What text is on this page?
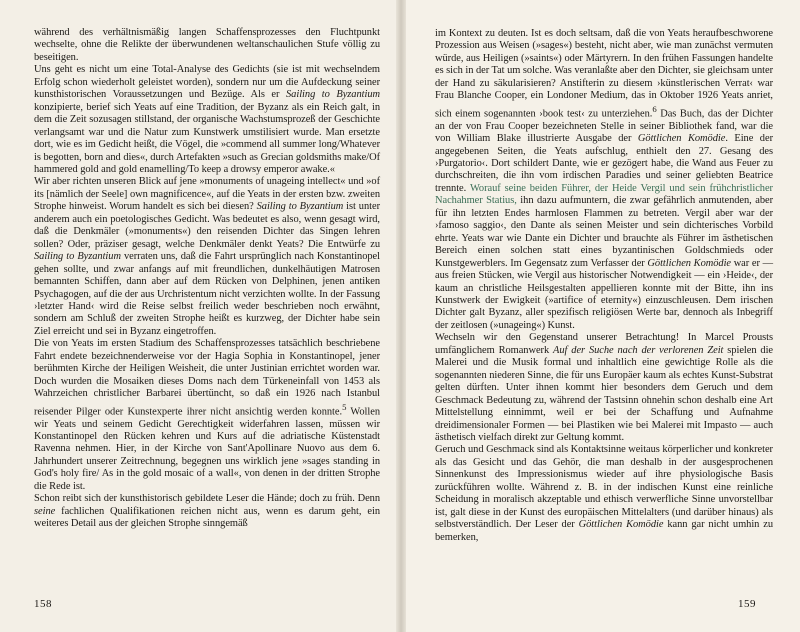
während des verhältnismäßig langen Schaffensprozesses den Fluchtpunkt wechselte, ohne die Relikte der überwundenen weltanschaulichen Stufe völlig zu beseitigen.

Uns geht es nicht um eine Total-Analyse des Gedichts (sie ist mit wechselndem Erfolg schon wiederholt geleistet worden), sondern nur um die Aufdeckung seiner kunsthistorischen Voraussetzungen und Bezüge. Als er Sailing to Byzantium konzipierte, berief sich Yeats auf eine Tradition, der Byzanz als ein Reich galt, in dem die Zeit sozusagen stillstand, der organische Wachstumsprozeß der Geschichte verlangsamt war und die Natur zum Kunstwerk umstilisiert wurde. Man ersetzte dort, wie es im Gedicht heißt, die Vögel, die »commend all summer long/Whatever is begotten, born and dies«, durch Artefakten »such as Grecian goldsmiths make/Of hammered gold and gold enamelling/To keep a drowsy emperor awake.«

Wir aber richten unseren Blick auf jene »monuments of unageing intellect« und »of its [nämlich der Seele] own magnificence«, auf die Yeats in der ersten bzw. zweiten Strophe hinweist. Worum handelt es sich bei diesen? Sailing to Byzantium ist unter anderem auch ein poetologisches Gedicht. Was bedeutet es also, wenn gesagt wird, daß die Denkmäler (»monuments«) den reisenden Dichter das Singen lehren sollen? Oder, präziser gesagt, welche Denkmäler denkt Yeats? Die Entwürfe zu Sailing to Byzantium verraten uns, daß die Fahrt ursprünglich nach Konstantinopel gehen sollte, und zwar anfangs auf mit freundlichen, dunkelhäutigen Matrosen bemannten Schiffen, dann aber auf dem Rücken von Delphinen, jenen antiken Psychagogen, auf die der aus Urchristentum nicht verzichten wollte. In der Fassung ›letzter Hand‹ wird die Reise selbst freilich weder beschrieben noch erwähnt, sondern am Schluß der zweiten Strophe heißt es kurzweg, der Dichter habe sein Ziel erreicht und sei in Byzanz eingetroffen.

Die von Yeats im ersten Stadium des Schaffensprozesses tatsächlich beschriebene Fahrt endete bezeichnenderweise vor der Hagia Sophia in Konstantinopel, jener berühmten Kirche der Heiligen Weisheit, die unter Justinian errichtet worden war. Doch wurden die Mosaiken dieses Doms nach dem Türkeneinfall von 1453 als Wahrzeichen christlicher Barbarei übertüncht, so daß ein 1926 nach Istanbul reisender Pilger oder Kunstexperte ihrer nicht ansichtig werden konnte.$^5$ Wollen wir Yeats und seinem Gedicht Gerechtigkeit widerfahren lassen, müssen wir Konstantinopel den Rücken kehren und Kurs auf die adriatische Küstenstadt Ravenna nehmen. Hier, in der Kirche von Sant'Apollinare Nuovo aus dem 6. Jahrhundert unserer Zeitrechnung, begegnen uns wirklich jene »sages standing in God's holy fire/ As in the gold mosaic of a wall«, von denen in der dritten Strophe die Rede ist.

Schon reibt sich der kunsthistorisch gebildete Leser die Hände; doch zu früh. Denn seine fachlichen Qualifikationen reichen nicht aus, wenn es darum geht, ein weiteres Detail aus der gleichen Strophe sinngemäß

158

im Kontext zu deuten. Ist es doch seltsam, daß die von Yeats heraufbeschworene Prozession aus Weisen (»sages«) besteht, nicht aber, wie man zunächst vermuten würde, aus Heiligen (»saints«) oder Märtyrern. In den frühen Fassungen handelte es sich in der Tat um solche. Was veranlaßte aber den Dichter, sie gleichsam unter der Hand zu säkularisieren? Anstifterin zu diesem ›künstlerischen Verrat‹ war Frau Blanche Cooper, ein Londoner Medium, das in Oktober 1926 Yeats anriet, sich einem sogenannten ›book test‹ zu unterziehen.$^6$ Das Buch, das der Dichter an der von Frau Cooper bezeichneten Stelle in seiner Bibliothek fand, war die von William Blake illustrierte Ausgabe der Göttlichen Komödie. Eine der angegebenen Seiten, die Yeats aufschlug, enthielt den 27. Gesang des ›Purgatorio‹. Dort schildert Dante, wie er gezögert habe, die Wand aus Feuer zu durchschreiten, die ihn vom irdischen Paradies und seiner geliebten Beatrice trennte. Worauf seine beiden Führer, der Heide Vergil und sein frühchristlicher Nachahmer Statius, ihn dazu aufmuntern, die zwar gefährlich anmutenden, aber für ihn letzten Endes harmlosen Flammen zu betreten. Vergil aber war der ›famoso saggio‹, den Dante als seinen Meister und sein dichterisches Vorbild ehrte. Yeats war wie Dante ein Dichter und brauchte als Führer im ästhetischen Bereich einen solchen statt eines byzantinischen Goldschmieds oder Kunstgewerblers. Im Gegensatz zum Verfasser der Göttlichen Komödie war er — aus freien Stücken, wie Vergil aus historischer Notwendigkeit — ein ›Heide‹, der kaum an christliche Heilsgestalten appellieren konnte mit der Bitte, ihn ins Kunstwerk der Ewigkeit (»artifice of eternity«) einzuschleusen. Dem irischen Dichter galt Byzanz, aller spezifisch religiösen Werte bar, dennoch als Inbegriff der zeitlosen (»unageing«) Kunst.

Wechseln wir den Gegenstand unserer Betrachtung! In Marcel Prousts umfänglichem Romanwerk Auf der Suche nach der verlorenen Zeit spielen die Malerei und die Musik formal und inhaltlich eine gewichtige Rolle als die sogenannten niederen Sinne, die für uns Europäer kaum als echtes Kunst-Substrat gelten dürften. Unter ihnen kommt hier besonders dem Geruch und dem Geschmack Bedeutung zu, während der Tastsinn ohnehin schon deshalb eine Art Mittelstellung einnimmt, weil er bei der Schaffung und Aufnahme dreidimensionaler Formen — bei Plastiken wie bei Malerei mit Impasto — auch ästhetisch vielfach direkt zur Geltung kommt.

Geruch und Geschmack sind als Kontaktsinne weitaus körperlicher und konkreter als das Gesicht und das Gehör, die man deshalb in der ausgesprochenen Sinnenkunst des Impressionismus wieder auf ihre physiologische Basis zurückführen wollte. Während z. B. in der indischen Kunst eine reinliche Scheidung in moralisch akzeptable und ethisch verwerfliche Sinne unvorstellbar ist, galt diese in der Kunst des europäischen Mittelalters (und darüber hinaus) als selbstverständlich. Der Leser der Göttlichen Komödie kann gar nicht umhin zu bemerken,

159
